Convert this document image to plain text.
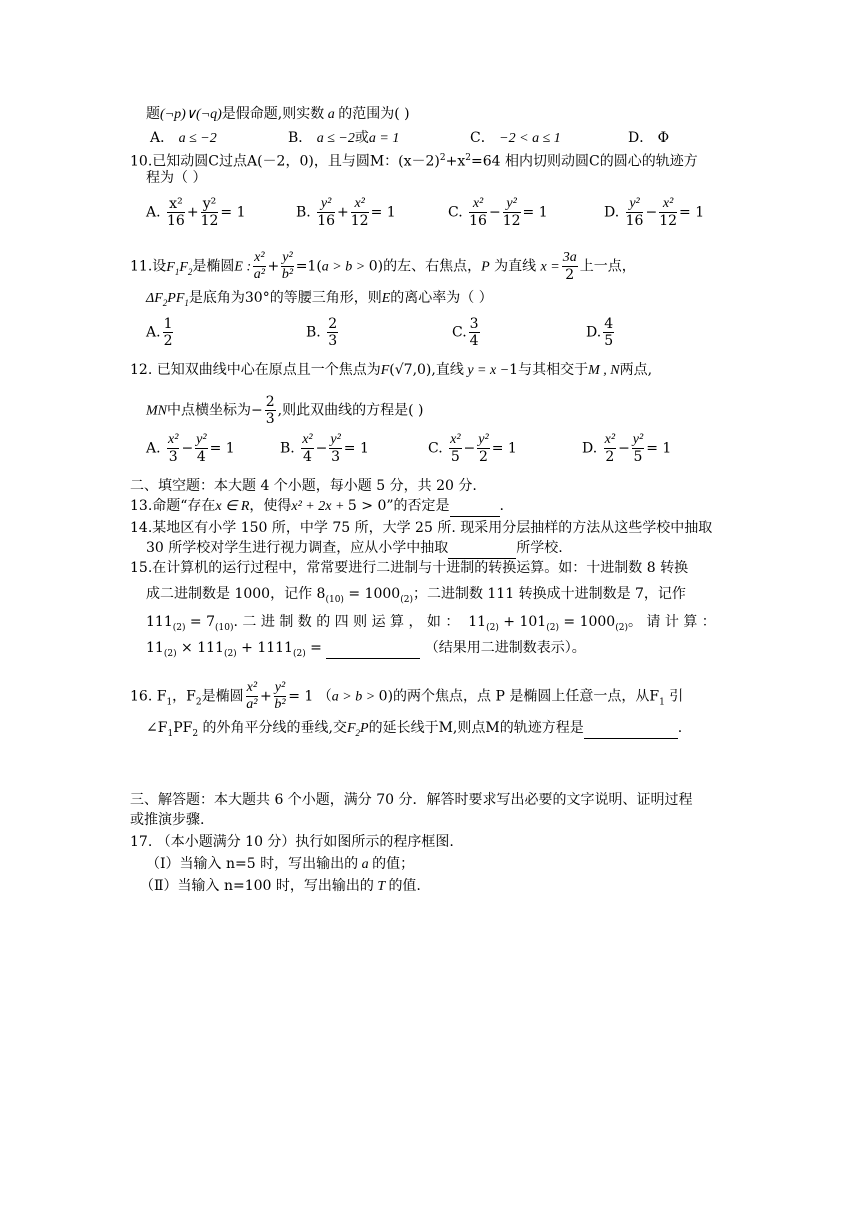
题(¬p)∨(¬q)是假命题,则实数 a 的范围为( )
A． a ≤ −2	B． a ≤ −2或a = 1	C． −2 < a ≤ 1	D． Φ
10.已知动圆C过点A(－2，0)，且与圆M：$(x-2)^2+x^2=64$ 相内切则动圆C的圆心的轨迹方
程为（ ）
A. $\frac{\text{x²}}{16} + \frac{\text{y²}}{12} = 1$	B. $\frac{\text{y²}}{16} + \frac{\text{x²}}{12} = 1$	C. $\frac{\text{x²}}{16} - \frac{\text{y²}}{12} = 1$	D. $\frac{\text{y²}}{16} - \frac{\text{x²}}{12} = 1$
11.设$F_1F_2$是椭圆E : $\frac{\text{x²}}{\text{a²}} + \frac{\text{y²}}{\text{b²}} =1(a > b > 0)$的左、右焦点，P 为直线 $x = \frac{3a}{2}$ 上一点，
$\Delta F_2PF_1$是底角为30°的等腰三角形，则E的离心率为（ ）
A. $\frac{1}{2}$	B. $\frac{2}{3}$	C. $\frac{3}{4}$	D. $\frac{4}{5}$
12. 已知双曲线中心在原点且一个焦点为F(√7,0),直线 y = x −1与其相交于M , N两点,
MN中点横坐标为− $\frac{2}{3}$ ,则此双曲线的方程是( )
A. $\frac{\text{x²}}{3} - \frac{\text{y²}}{4} = 1$	B. $\frac{\text{x²}}{4} - \frac{\text{y²}}{3} = 1$	C. $\frac{\text{x²}}{5} - \frac{\text{y²}}{2} = 1$	D. $\frac{\text{x²}}{2} - \frac{\text{y²}}{5} = 1$
二、填空题：本大题 4 个小题，每小题 5 分，共 20 分.
13.命题“存在x ∈ R，使得x² + 2x + 5 > 0”的否定是	.
14.某地区有小学 150 所，中学 75 所，大学 25 所. 现采用分层抽样的方法从这些学校中抽取
30 所学校对学生进行视力调查，应从小学中抽取	所学校.
15.在计算机的运行过程中，常常要进行二进制与十进制的转换运算。如：十进制数 8 转换
成二进制数是 1000，记作 $8_{(10)} = 1000_{(2)}$；二进制数 111 转换成十进制数是 7，记作
$111_{(2)} = 7_{(10)}$. 二 进 制 数 的 四 则 运 算 ， 如 ：  $11_{(2)} + 101_{(2)} = 1000_{(2)}$。 请 计 算 ：
$11_{(2)} \times 111_{(2)} + 1111_{(2)}$ =	（结果用二进制数表示）。
16. $F_1$，$F_2$是椭圆 $\frac{\text{x²}}{\text{a²}} + \frac{\text{y²}}{\text{b²}} = 1$ （a > b > 0)的两个焦点，点 P 是椭圆上任意一点，从$F_1$ 引
$\angle F_1PF_2$ 的外角平分线的垂线,交$F_2P$的延长线于M,则点M的轨迹方程是	.
三、解答题：本大题共 6 个小题，满分 70 分．解答时要求写出必要的文字说明、证明过程
或推演步骤.
17. （本小题满分 10 分）执行如图所示的程序框图.
（Ⅰ）当输入 n=5 时，写出输出的 a 的值；
（Ⅱ）当输入 n=100 时，写出输出的 T 的值.
